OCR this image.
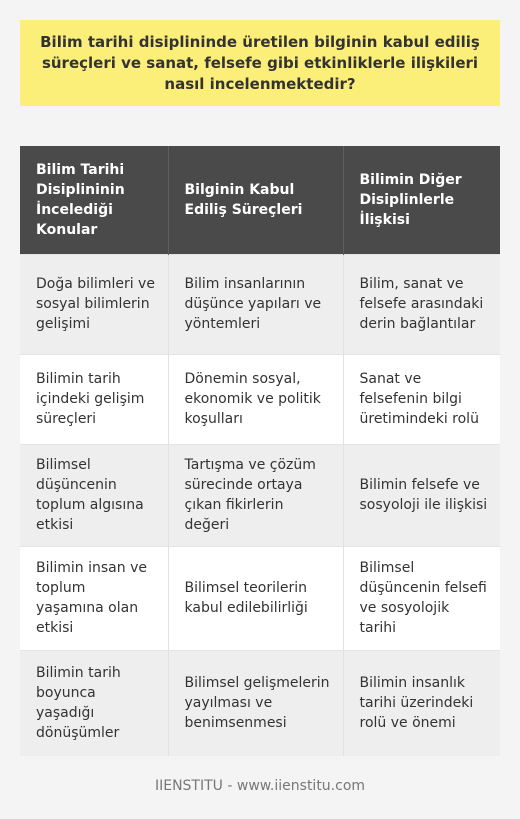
Bilim tarihi disiplininde üretilen bilginin kabul ediliş süreçleri ve sanat, felsefe gibi etkinliklerle ilişkileri nasıl incelenmektedir?
Bilim Tarihi Disiplininin İncelediği Konular	Bilginin Kabul Ediliş Süreçleri	Bilimin Diğer Disiplinlerle İlişkisi
Doğa bilimleri ve sosyal bilimlerin gelişimi	Bilim insanlarının düşünce yapıları ve yöntemleri	Bilim, sanat ve felsefe arasındaki derin bağlantılar
Bilimin tarih içindeki gelişim süreçleri	Dönemin sosyal, ekonomik ve politik koşulları	Sanat ve felsefenin bilgi üretimindeki rolü
Bilimsel düşüncenin toplum algısına etkisi	Tartışma ve çözüm sürecinde ortaya çıkan fikirlerin değeri	Bilimin felsefe ve sosyoloji ile ilişkisi
Bilimin insan ve toplum yaşamına olan etkisi	Bilimsel teorilerin kabul edilebilirliği	Bilimsel düşüncenin felsefi ve sosyolojik tarihi
Bilimin tarih boyunca yaşadığı dönüşümler	Bilimsel gelişmelerin yayılması ve benimsenmesi	Bilimin insanlık tarihi üzerindeki rolü ve önemi
IIENSTITU - www.iienstitu.com
